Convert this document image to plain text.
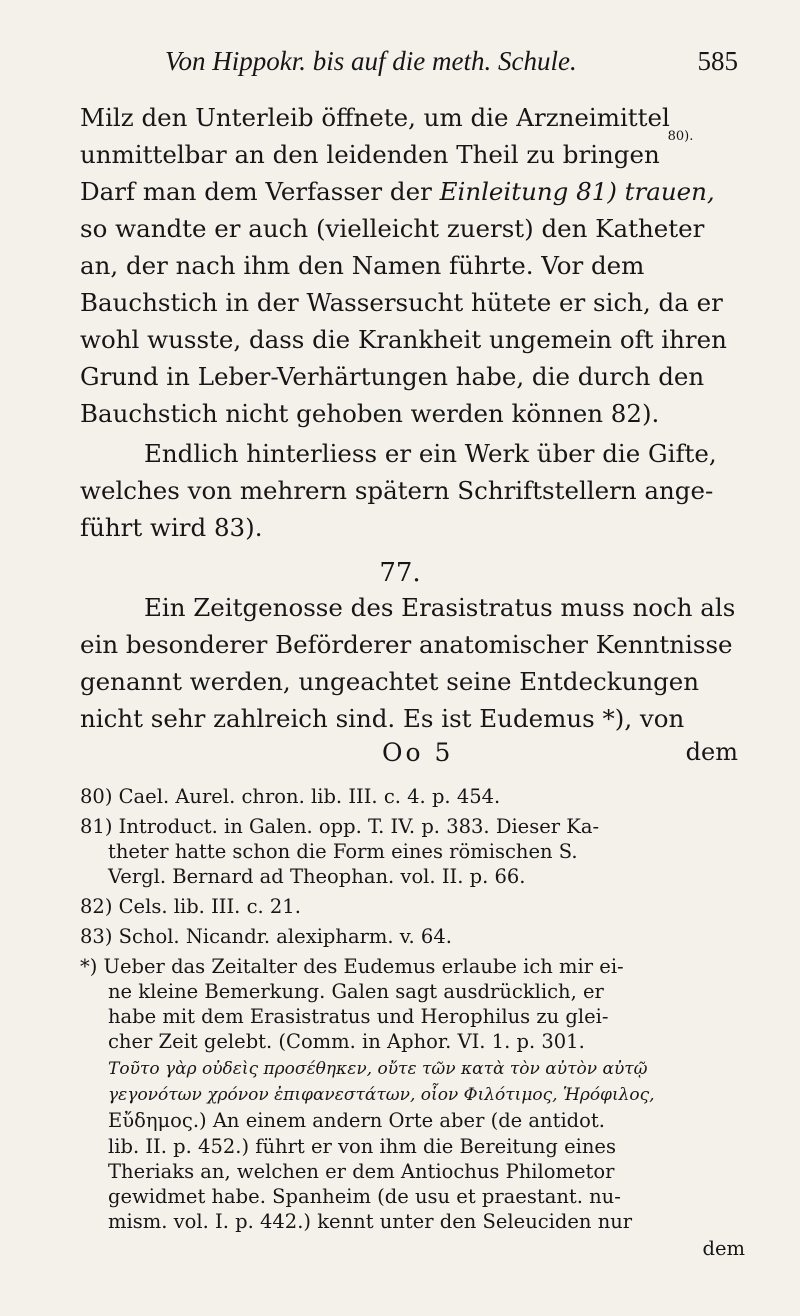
Von Hippokr. bis auf die meth. Schule.	585
Milz den Unterleib öffnete, um die Arzneimittel
unmittelbar an den leidenden Theil zu bringen

80).
Darf man dem Verfasser der
Einleitung 81) trauen,
so wandte er auch (vielleicht zuerst) den Katheter
an, der nach ihm den Namen führte. Vor dem
Bauchstich in der Wassersucht hütete er sich, da er
wohl wusste, dass die Krankheit ungemein oft ihren
Grund in Leber-Verhärtungen habe, die durch den
Bauchstich nicht gehoben werden können 82).
Endlich hinterliess er ein Werk über die Gifte,
welches von mehrern spätern Schriftstellern ange-
führt wird 83).
77.
Ein Zeitgenosse des Erasistratus muss noch als
ein besonderer Beförderer anatomischer Kenntnisse
genannt werden, ungeachtet seine Entdeckungen
nicht sehr zahlreich sind. Es ist Eudemus *), von
Oo 5	dem
80) Cael. Aurel. chron. lib. III. c. 4. p. 454.
81) Introduct. in Galen. opp. T. IV. p. 383. Dieser Ka-
theter hatte schon die Form eines römischen S.
Vergl. Bernard ad Theophan. vol. II. p. 66.
82) Cels. lib. III. c. 21.
83) Schol. Nicandr. alexipharm. v. 64.
*) Ueber das Zeitalter des Eudemus erlaube ich mir ei-
ne kleine Bemerkung. Galen sagt ausdrücklich, er
habe mit dem Erasistratus und Herophilus zu glei-
cher Zeit gelebt. (Comm. in Aphor. VI. 1. p. 301.
Τοῦτο γὰρ οὐδεὶς προσέθηκεν, οὔτε τῶν κατὰ τὸν αὐτὸν αὐτῷ
γεγονότων χρόνον ἐπιφανεστάτων, οἷον Φιλότιμος, Ἡρόφιλος,
Εὔδημος.) An einem andern Orte aber (de antidot.
lib. II. p. 452.) führt er von ihm die Bereitung eines
Theriaks an, welchen er dem Antiochus Philometor
gewidmet habe. Spanheim (de usu et praestant. nu-
mism. vol. I. p. 442.) kennt unter den Seleuciden nur
dem
